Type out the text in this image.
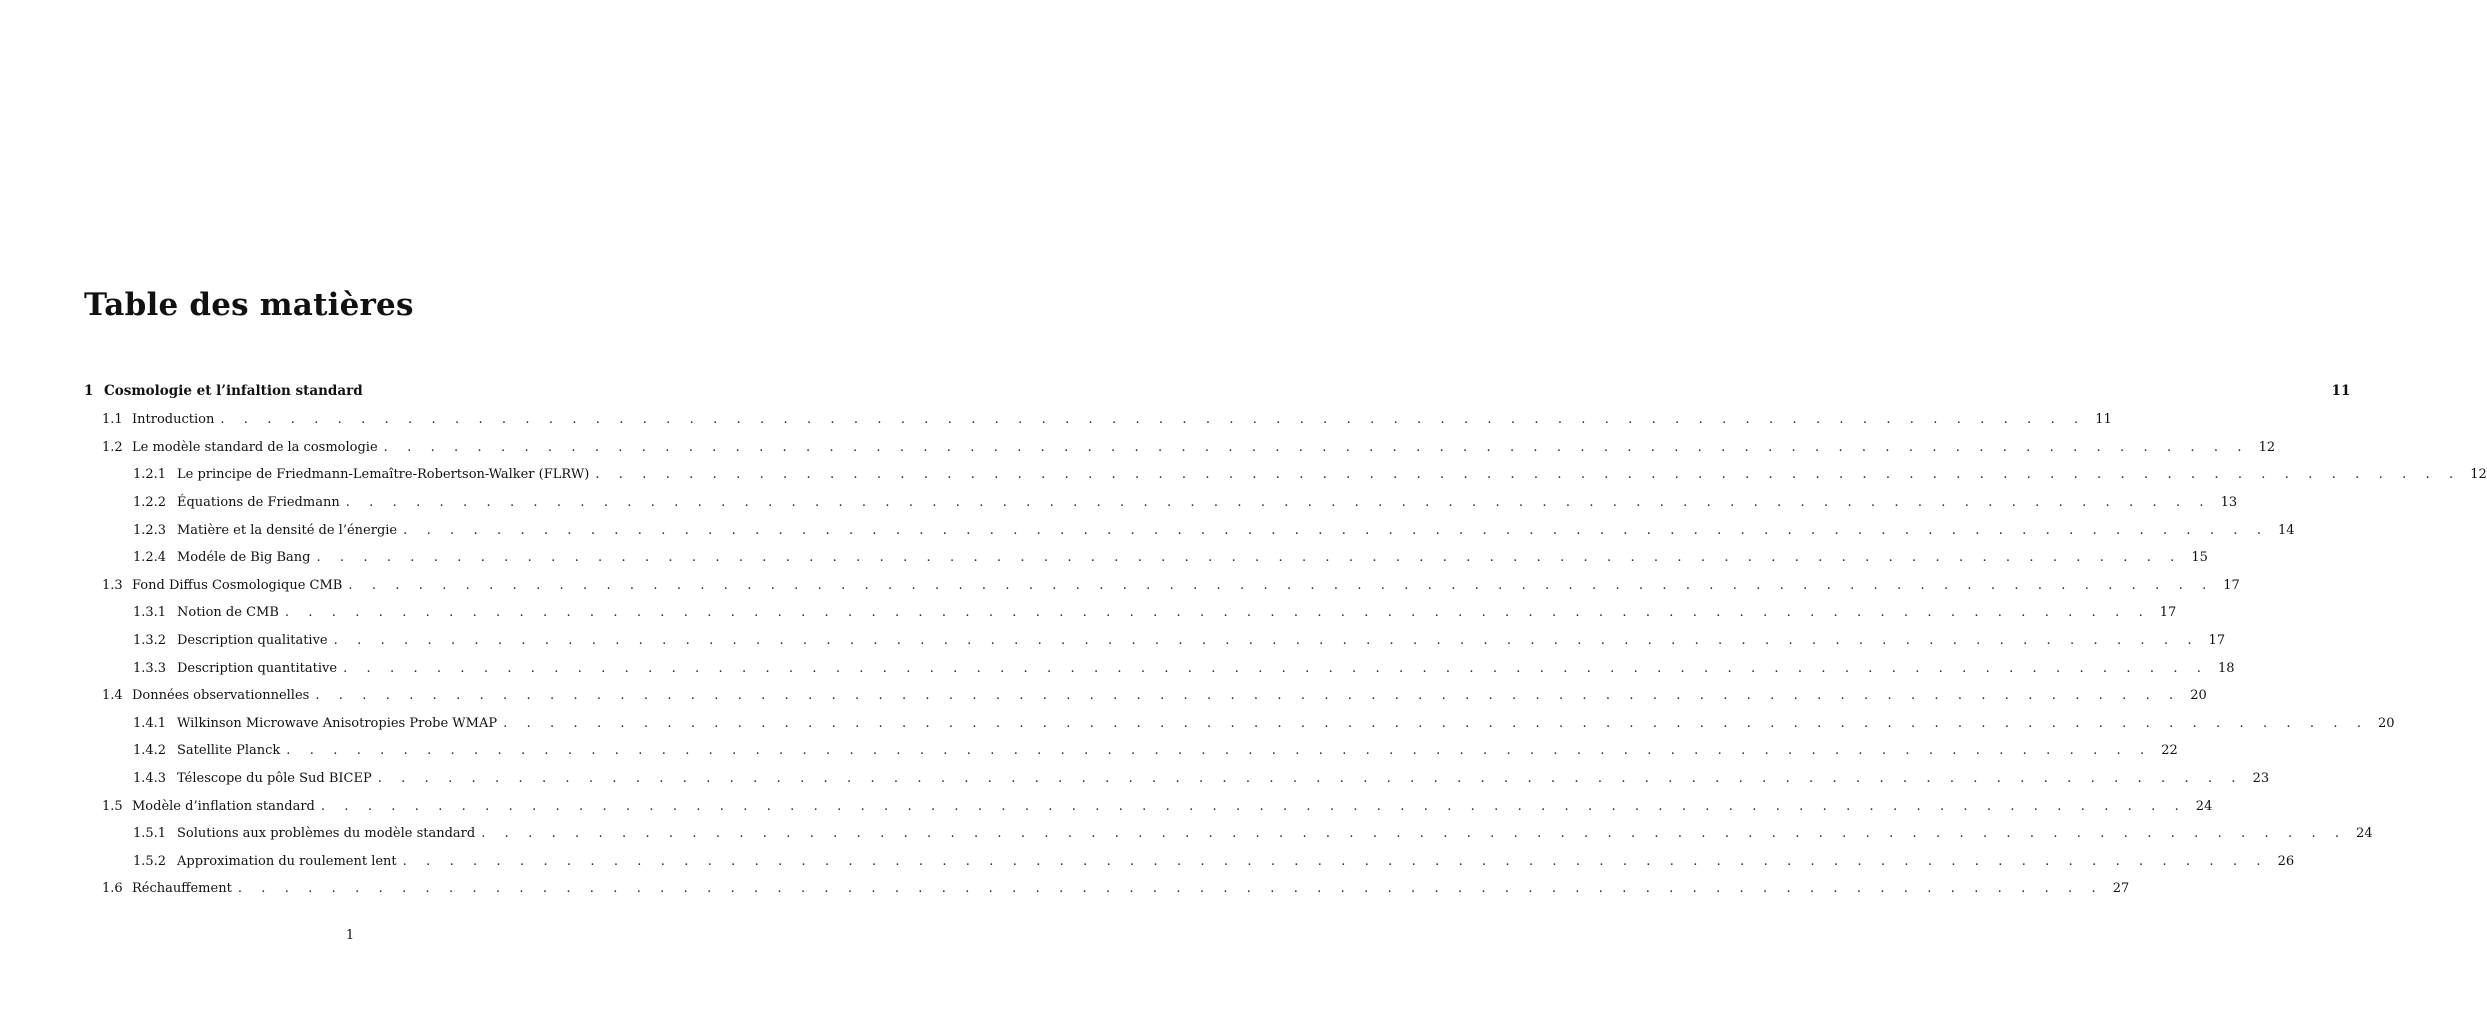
Table des matières
1 Cosmologie et l’infaltion standard	11
1.1 Introduction . . . . . . . . . . . . . . . . . . . . . . . . . . . . . . . . . . . . . . . . . . . . . . . . . . . . . . . . . . . . . . . . . . . . . . . . . . . . . . . . 11
1.2 Le modèle standard de la cosmologie . . . . . . . . . . . . . . . . . . . . . . . . . . . . . . . . . . . . . . . . . . . . . . . . . . . . . . . . . . . . . . . . . . . . . . . . . . . . . . . . 12
1.2.1 Le principe de Friedmann-Lemaître-Robertson-Walker (FLRW) . . . . . . . . . . . . . . . . . . . . . . . . . . . . . . . . . . . . . . . . . . . . . . . . . . . . . . . . . . . . . . . . . . . . . . . . . . . . . . . . 12
1.2.2 Équations de Friedmann . . . . . . . . . . . . . . . . . . . . . . . . . . . . . . . . . . . . . . . . . . . . . . . . . . . . . . . . . . . . . . . . . . . . . . . . . . . . . . . . 13
1.2.3 Matière et la densité de l’énergie . . . . . . . . . . . . . . . . . . . . . . . . . . . . . . . . . . . . . . . . . . . . . . . . . . . . . . . . . . . . . . . . . . . . . . . . . . . . . . . . 14
1.2.4 Modéle de Big Bang . . . . . . . . . . . . . . . . . . . . . . . . . . . . . . . . . . . . . . . . . . . . . . . . . . . . . . . . . . . . . . . . . . . . . . . . . . . . . . . . 15
1.3 Fond Diffus Cosmologique CMB . . . . . . . . . . . . . . . . . . . . . . . . . . . . . . . . . . . . . . . . . . . . . . . . . . . . . . . . . . . . . . . . . . . . . . . . . . . . . . . . 17
1.3.1 Notion de CMB . . . . . . . . . . . . . . . . . . . . . . . . . . . . . . . . . . . . . . . . . . . . . . . . . . . . . . . . . . . . . . . . . . . . . . . . . . . . . . . . 17
1.3.2 Description qualitative . . . . . . . . . . . . . . . . . . . . . . . . . . . . . . . . . . . . . . . . . . . . . . . . . . . . . . . . . . . . . . . . . . . . . . . . . . . . . . . . 17
1.3.3 Description quantitative . . . . . . . . . . . . . . . . . . . . . . . . . . . . . . . . . . . . . . . . . . . . . . . . . . . . . . . . . . . . . . . . . . . . . . . . . . . . . . . . 18
1.4 Données observationnelles . . . . . . . . . . . . . . . . . . . . . . . . . . . . . . . . . . . . . . . . . . . . . . . . . . . . . . . . . . . . . . . . . . . . . . . . . . . . . . . . 20
1.4.1 Wilkinson Microwave Anisotropies Probe WMAP . . . . . . . . . . . . . . . . . . . . . . . . . . . . . . . . . . . . . . . . . . . . . . . . . . . . . . . . . . . . . . . . . . . . . . . . . . . . . . . . 20
1.4.2 Satellite Planck . . . . . . . . . . . . . . . . . . . . . . . . . . . . . . . . . . . . . . . . . . . . . . . . . . . . . . . . . . . . . . . . . . . . . . . . . . . . . . . . 22
1.4.3 Télescope du pôle Sud BICEP . . . . . . . . . . . . . . . . . . . . . . . . . . . . . . . . . . . . . . . . . . . . . . . . . . . . . . . . . . . . . . . . . . . . . . . . . . . . . . . . 23
1.5 Modèle d’inflation standard . . . . . . . . . . . . . . . . . . . . . . . . . . . . . . . . . . . . . . . . . . . . . . . . . . . . . . . . . . . . . . . . . . . . . . . . . . . . . . . . 24
1.5.1 Solutions aux problèmes du modèle standard . . . . . . . . . . . . . . . . . . . . . . . . . . . . . . . . . . . . . . . . . . . . . . . . . . . . . . . . . . . . . . . . . . . . . . . . . . . . . . . . 24
1.5.2 Approximation du roulement lent . . . . . . . . . . . . . . . . . . . . . . . . . . . . . . . . . . . . . . . . . . . . . . . . . . . . . . . . . . . . . . . . . . . . . . . . . . . . . . . . 26
1.6 Réchauffement . . . . . . . . . . . . . . . . . . . . . . . . . . . . . . . . . . . . . . . . . . . . . . . . . . . . . . . . . . . . . . . . . . . . . . . . . . . . . . . . 27
1
